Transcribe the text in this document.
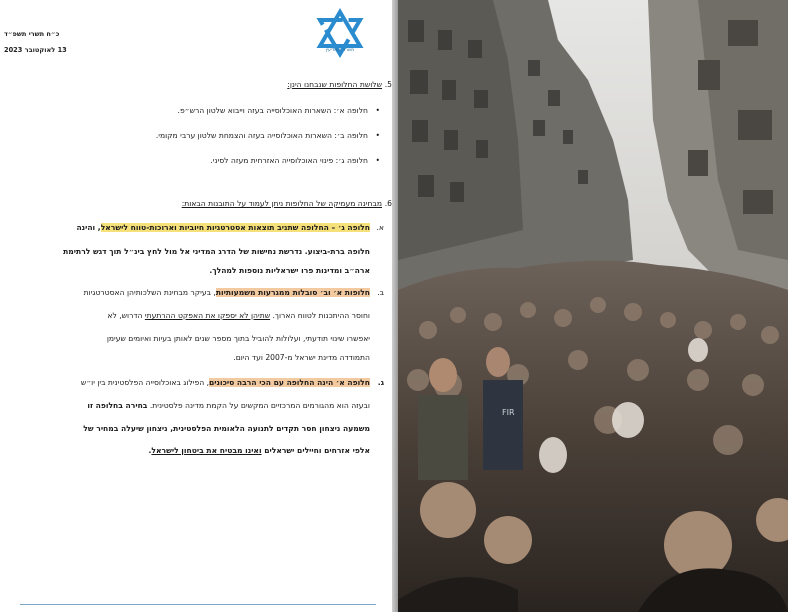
כ״ח תשרי תשפ״ד
13 לאוקטובר 2023	משרד המודיעין
5.
שלושת החלופות שנבחנו הינן:
• חלופה א׳: השארות האוכלוסייה בעזה וייבוא שלטון הרש״פ.
• חלופה ב׳: השארות האוכלוסייה בעזה והצמחת שלטון ערבי מקומי.
• חלופה ג׳: פינוי האוכלוסייה האזרחית מעזה לסיני.
6.
מבחינה מעמיקה של החלופות ניתן לעמוד על התובנות הבאות:
א.
חלופה ג׳ – החלופה שתניב תוצאות אסטרטגיות חיוביות וארוכות-טווח לישראל, והינה
חלופה ברת-ביצוע. נדרשת נחישות של הדרג המדיני אל מול לחץ בינ״ל תוך דגש לרתימת
ארה״ב ומדינות פרו ישראליות נוספות למהלך.
ב.
חלופות א׳ וב׳ סובלות ממגרעות משמעותיות, בעיקר מבחינת השלכותיהן האסטרטגיות
וחוסר ההיתכנות לטווח הארוך. שתיהן לא יספקו את האפקט ההרתעתי הדרוש, לא
יאפשרו שינוי תודעתי, ועלולות להוביל בתוך מספר שנים לאותן בעיות ואיומים שעימן
התמודדה מדינת ישראל מ-2007 ועד היום.
ג.
חלופה א׳ הינה החלופה עם הכי הרבה סיכונים, הפילוג באוכלוסייה הפלסטינית בין יו״ש
ובעזה הוא מהגורמים המרכזיים המקשים על הקמת מדינה פלסטינית. בחירה בחלופה זו
משמעה ניצחון חסר תקדים לתנועה הלאומית הפלסטינית, ניצחון שיעלה במחיר של
אלפי אזרחים וחיילים ישראלים ואינו מבטיח את ביטחון לישראל.
FIR
